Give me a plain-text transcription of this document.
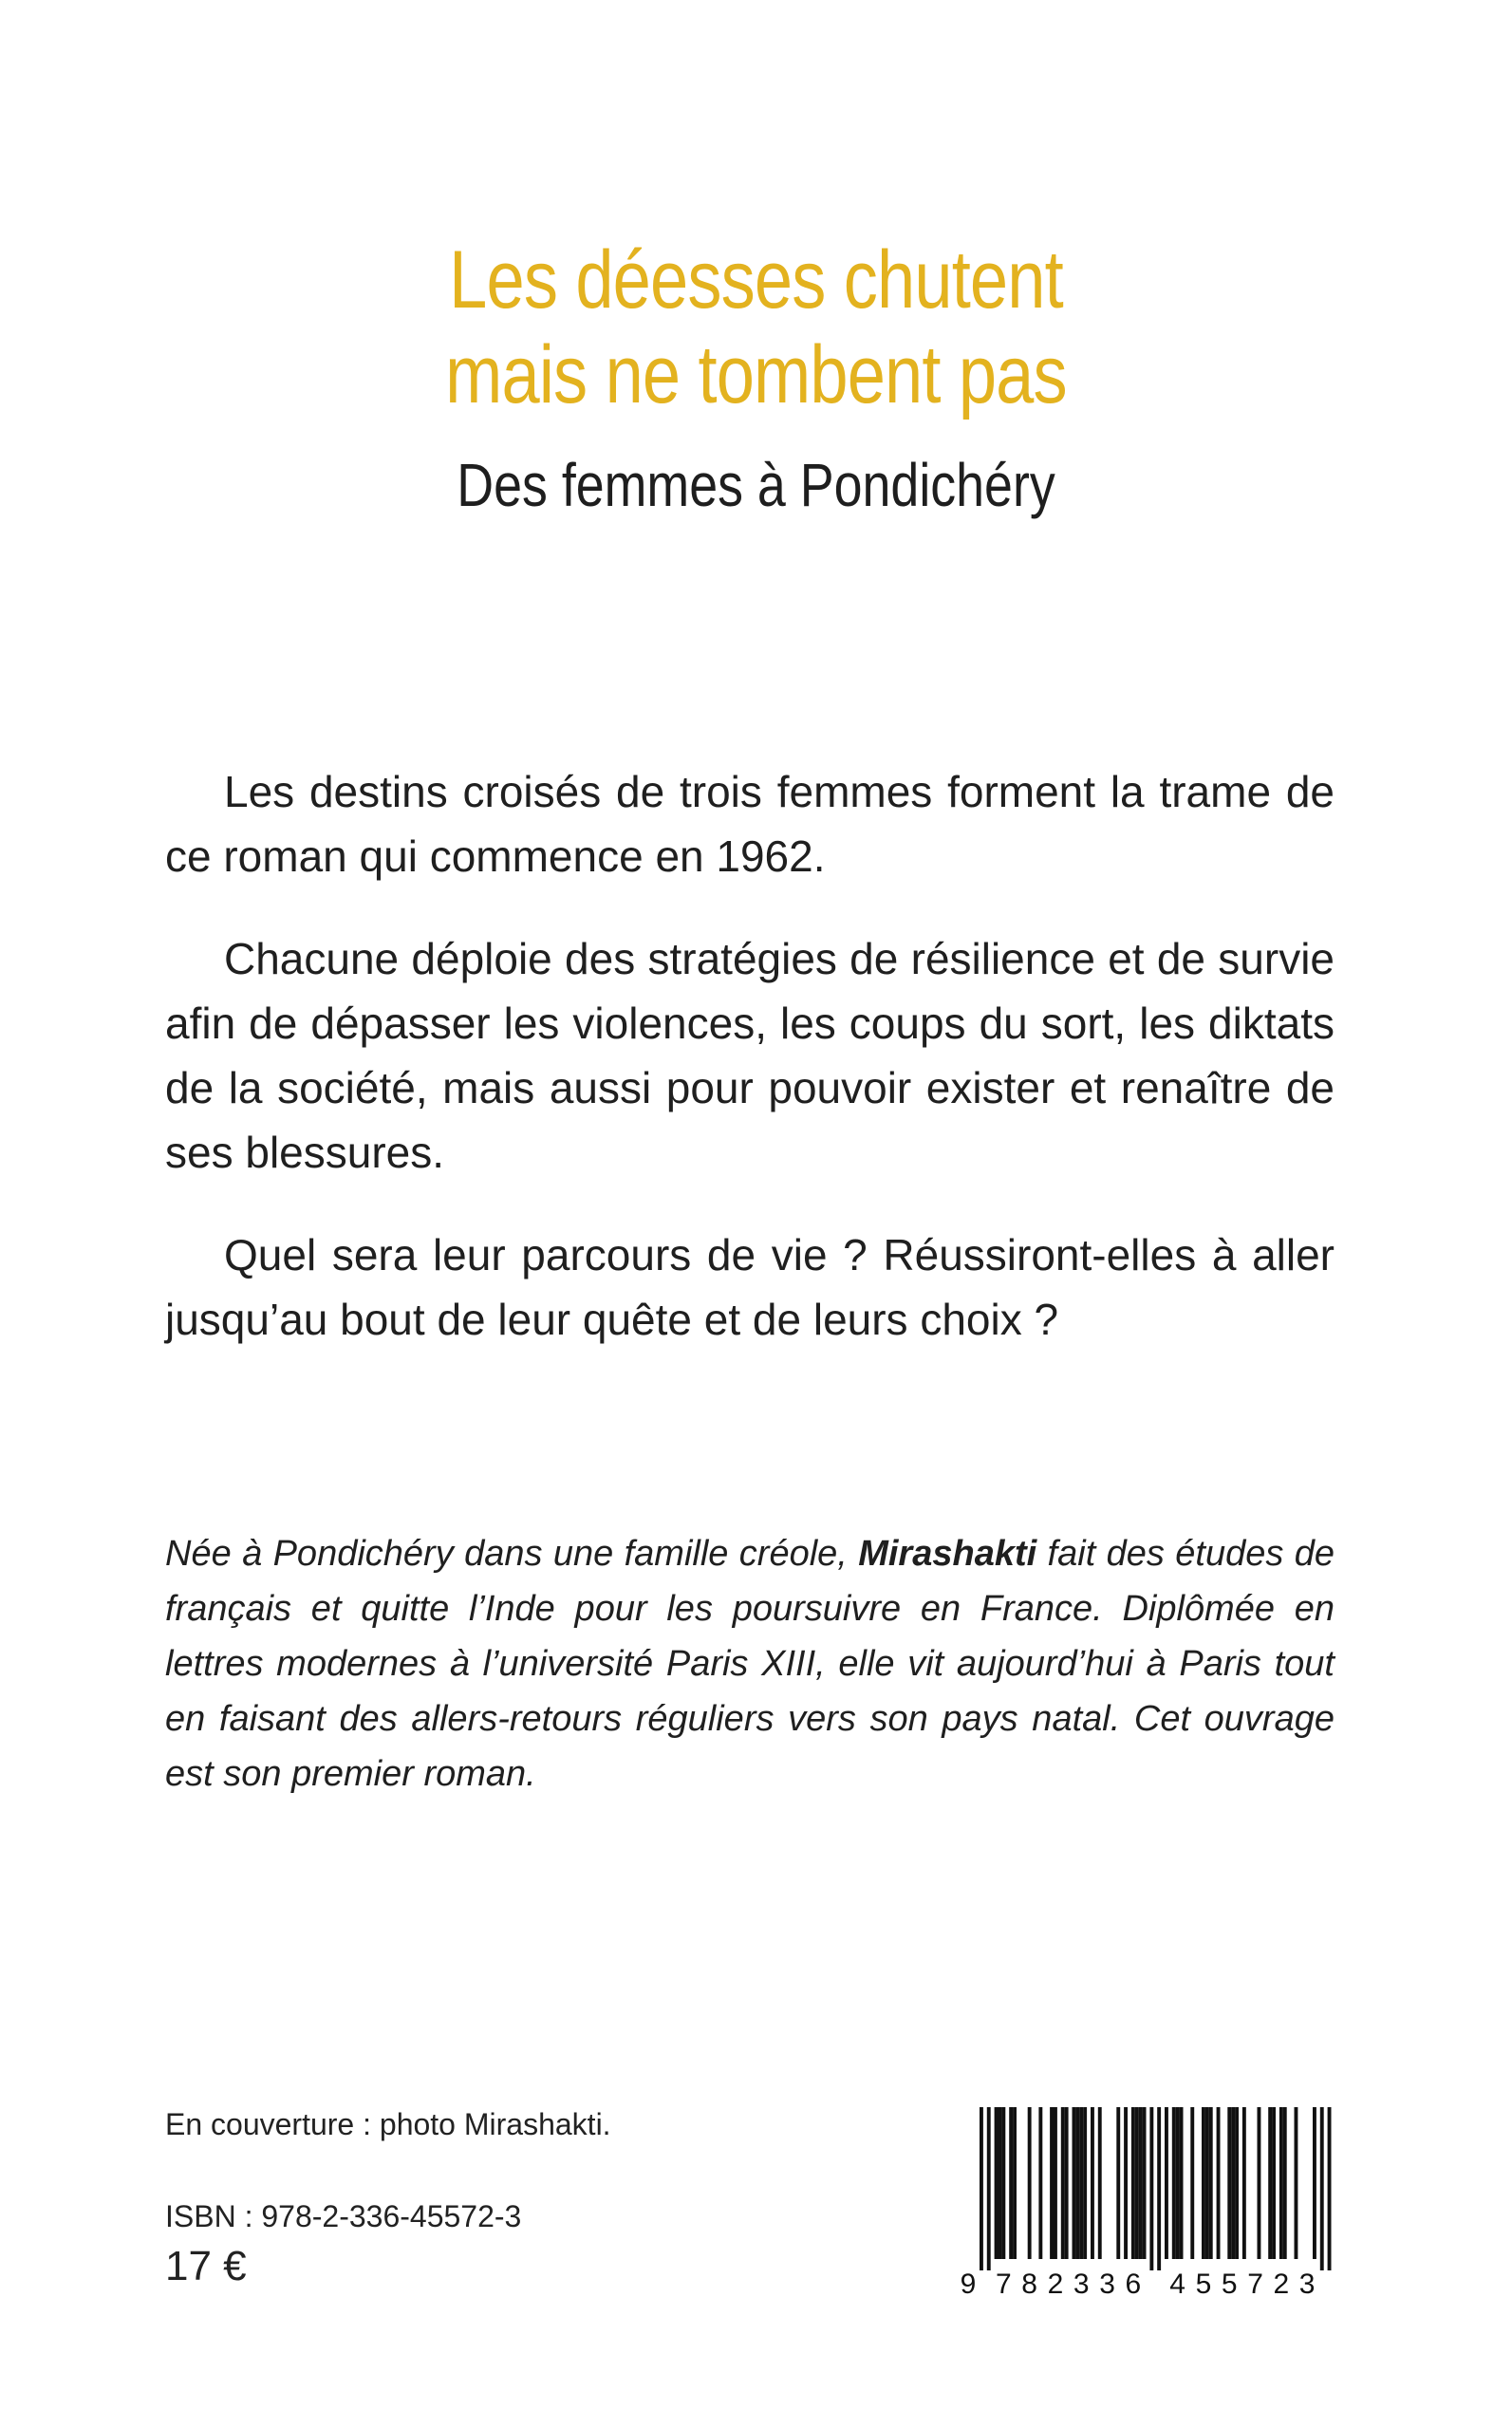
Les déesses chutent
mais ne tombent pas
Des femmes à Pondichéry

Les destins croisés de trois femmes forment la trame de ce roman qui commence en 1962.

Chacune déploie des stratégies de résilience et de survie afin de dépasser les violences, les coups du sort, les diktats de la société, mais aussi pour pouvoir exister et renaître de ses blessures.

Quel sera leur parcours de vie ? Réussiront-elles à aller jusqu’au bout de leur quête et de leurs choix ?

Née à Pondichéry dans une famille créole, Mirashakti fait des études de français et quitte l’Inde pour les poursuivre en France. Diplômée en lettres modernes à l’université Paris XIII, elle vit aujourd’hui à Paris tout en faisant des allers-retours réguliers vers son pays natal. Cet ouvrage est son premier roman.
En couverture : photo Mirashakti.
ISBN : 978-2-336-45572-3
17 €	9 7 8 2 3 3 6 4 5 5 7 2 3
